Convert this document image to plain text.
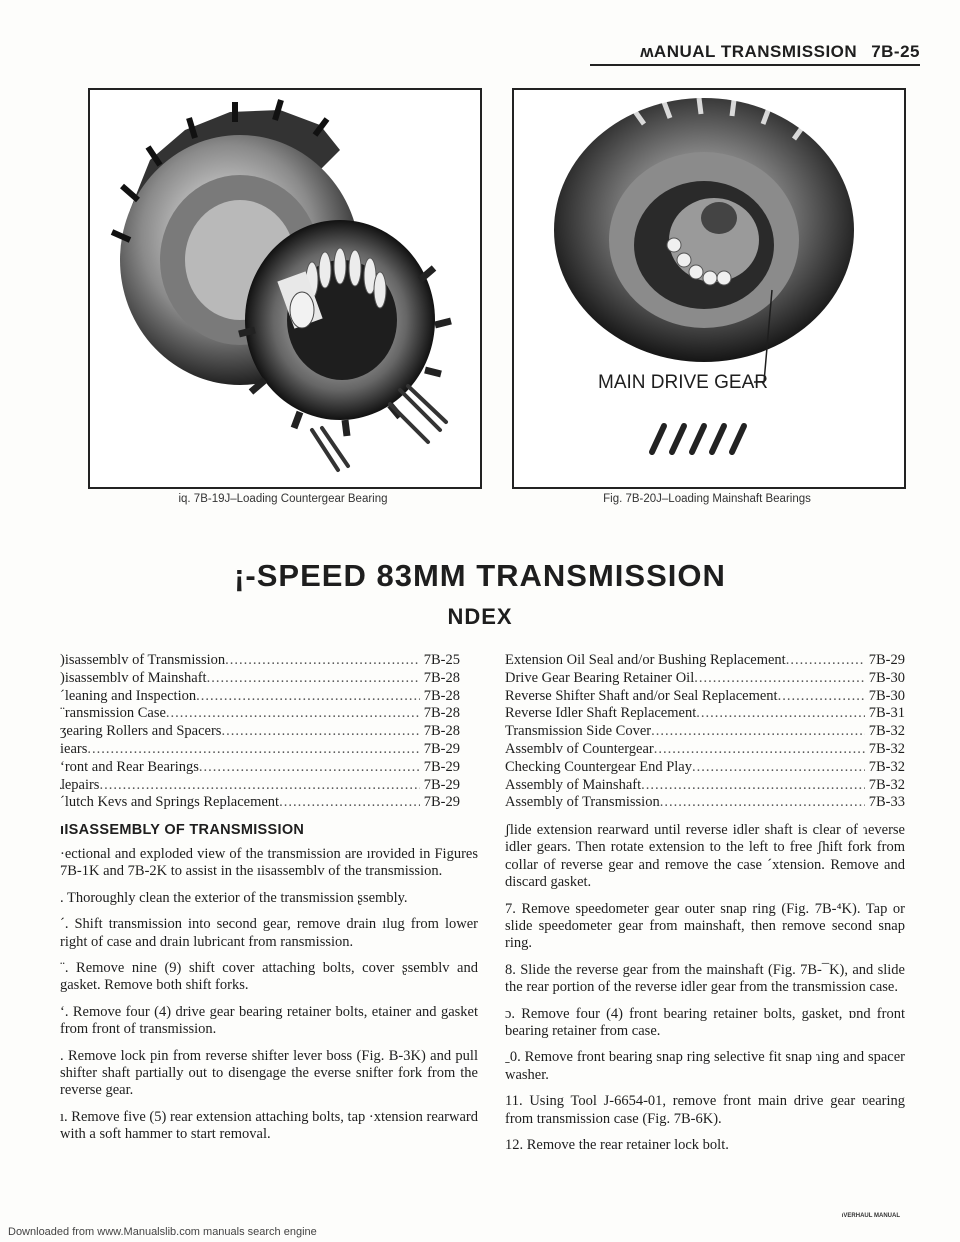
ʍANUAL TRANSMISSION 7B-25
iq. 7B-19J–Loading Countergear Bearing
MAIN DRIVE GEAR
Fig. 7B-20J–Loading Mainshaft Bearings
¡-SPEED 83MM TRANSMISSION
NDEX
)isassemblv of Transmission .....	7B-25
)isassemblv of Mainshaft .....	7B-28
´leaning and Inspection .....	7B-28
¨ransmission Case .....	7B-28
ʒearing Rollers and Spacers .....	7B-28
iears .....	7B-29
‘ront and Rear Bearings .....	7B-29
ɺepairs .....	7B-29
´lutch Kevs and Springs Replacement .....	7B-29
Extension Oil Seal and/or Bushing Replacement .....	7B-29
Drive Gear Bearing Retainer Oil .....	7B-30
Reverse Shifter Shaft and/or Seal Replacement .....	7B-30
Reverse Idler Shaft Replacement .....	7B-31
Transmission Side Cover .....	7B-32
Assemblv of Countergear .....	7B-32
Checking Countergear End Play .....	7B-32
Assembly of Mainshaft .....	7B-32
Assembly of Transmission .....	7B-33
ıISASSEMBLY OF TRANSMISSION

·ectional and exploded view of the transmission are ırovided in Figures 7B-1K and 7B-2K to assist in the ıisassemblv of the transmission.

. Thoroughly clean the exterior of the transmission ʂsembly.

´. Shift transmission into second gear, remove drain ılug from lower right of case and drain lubricant from ransmission.

¨. Remove nine (9) shift cover attaching bolts, cover ʂsemblv and gasket. Remove both shift forks.

‘. Remove four (4) drive gear bearing retainer bolts, etainer and gasket from front of transmission.

. Remove lock pin from reverse shifter lever boss (Fig. B-3K) and pull shifter shaft partially out to disengage the everse snifter fork from the reverse gear.

ı. Remove five (5) rear extension attaching bolts, tap ·xtension rearward with a soft hammer to start removal.

ʃlide extension rearward until reverse idler shaft is clear of ɿeverse idler gears. Then rotate extension to the left to free ʃhift fork from collar of reverse gear and remove the case ´xtension. Remove and discard gasket.

7. Remove speedometer gear outer snap ring (Fig. 7B-⁴K). Tap or slide speedometer gear from mainshaft, then remove second snap ring.

8. Slide the reverse gear from the mainshaft (Fig. 7B-¯K), and slide the rear portion of the reverse idler gear from the transmission case.

ɔ. Remove four (4) front bearing retainer bolts, gasket, ɒnd front bearing retainer from case.

ˍ0. Remove front bearing snap ring selective fit snap ɿing and spacer washer.

11. Using Tool J-6654-01, remove front main drive gear ʋearing from transmission case (Fig. 7B-6K).

12. Remove the rear retainer lock bolt.

Downloaded from www.Manualslib.com manuals search engine
ıVERHAUL MANUAL
